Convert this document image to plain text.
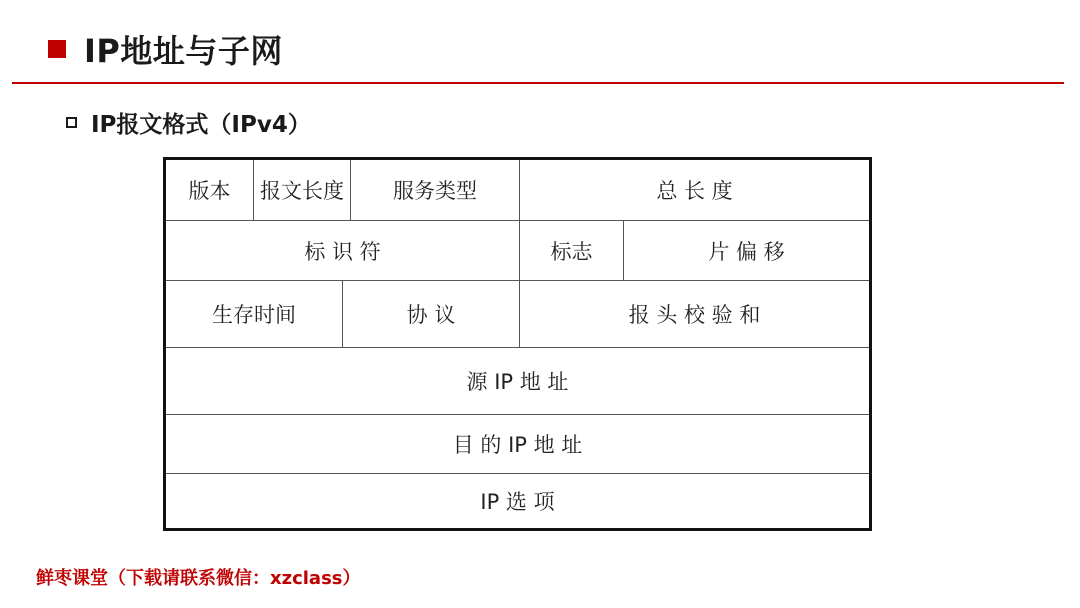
IP地址与子网
IP报文格式（IPv4）
版本	报文长度	服务类型	总 长 度
标 识 符	标志	片 偏 移
生存时间	协 议	报 头 校 验 和
源 IP 地 址
目 的 IP 地 址
IP 选 项
鲜枣课堂（下载请联系微信：xzclass）
